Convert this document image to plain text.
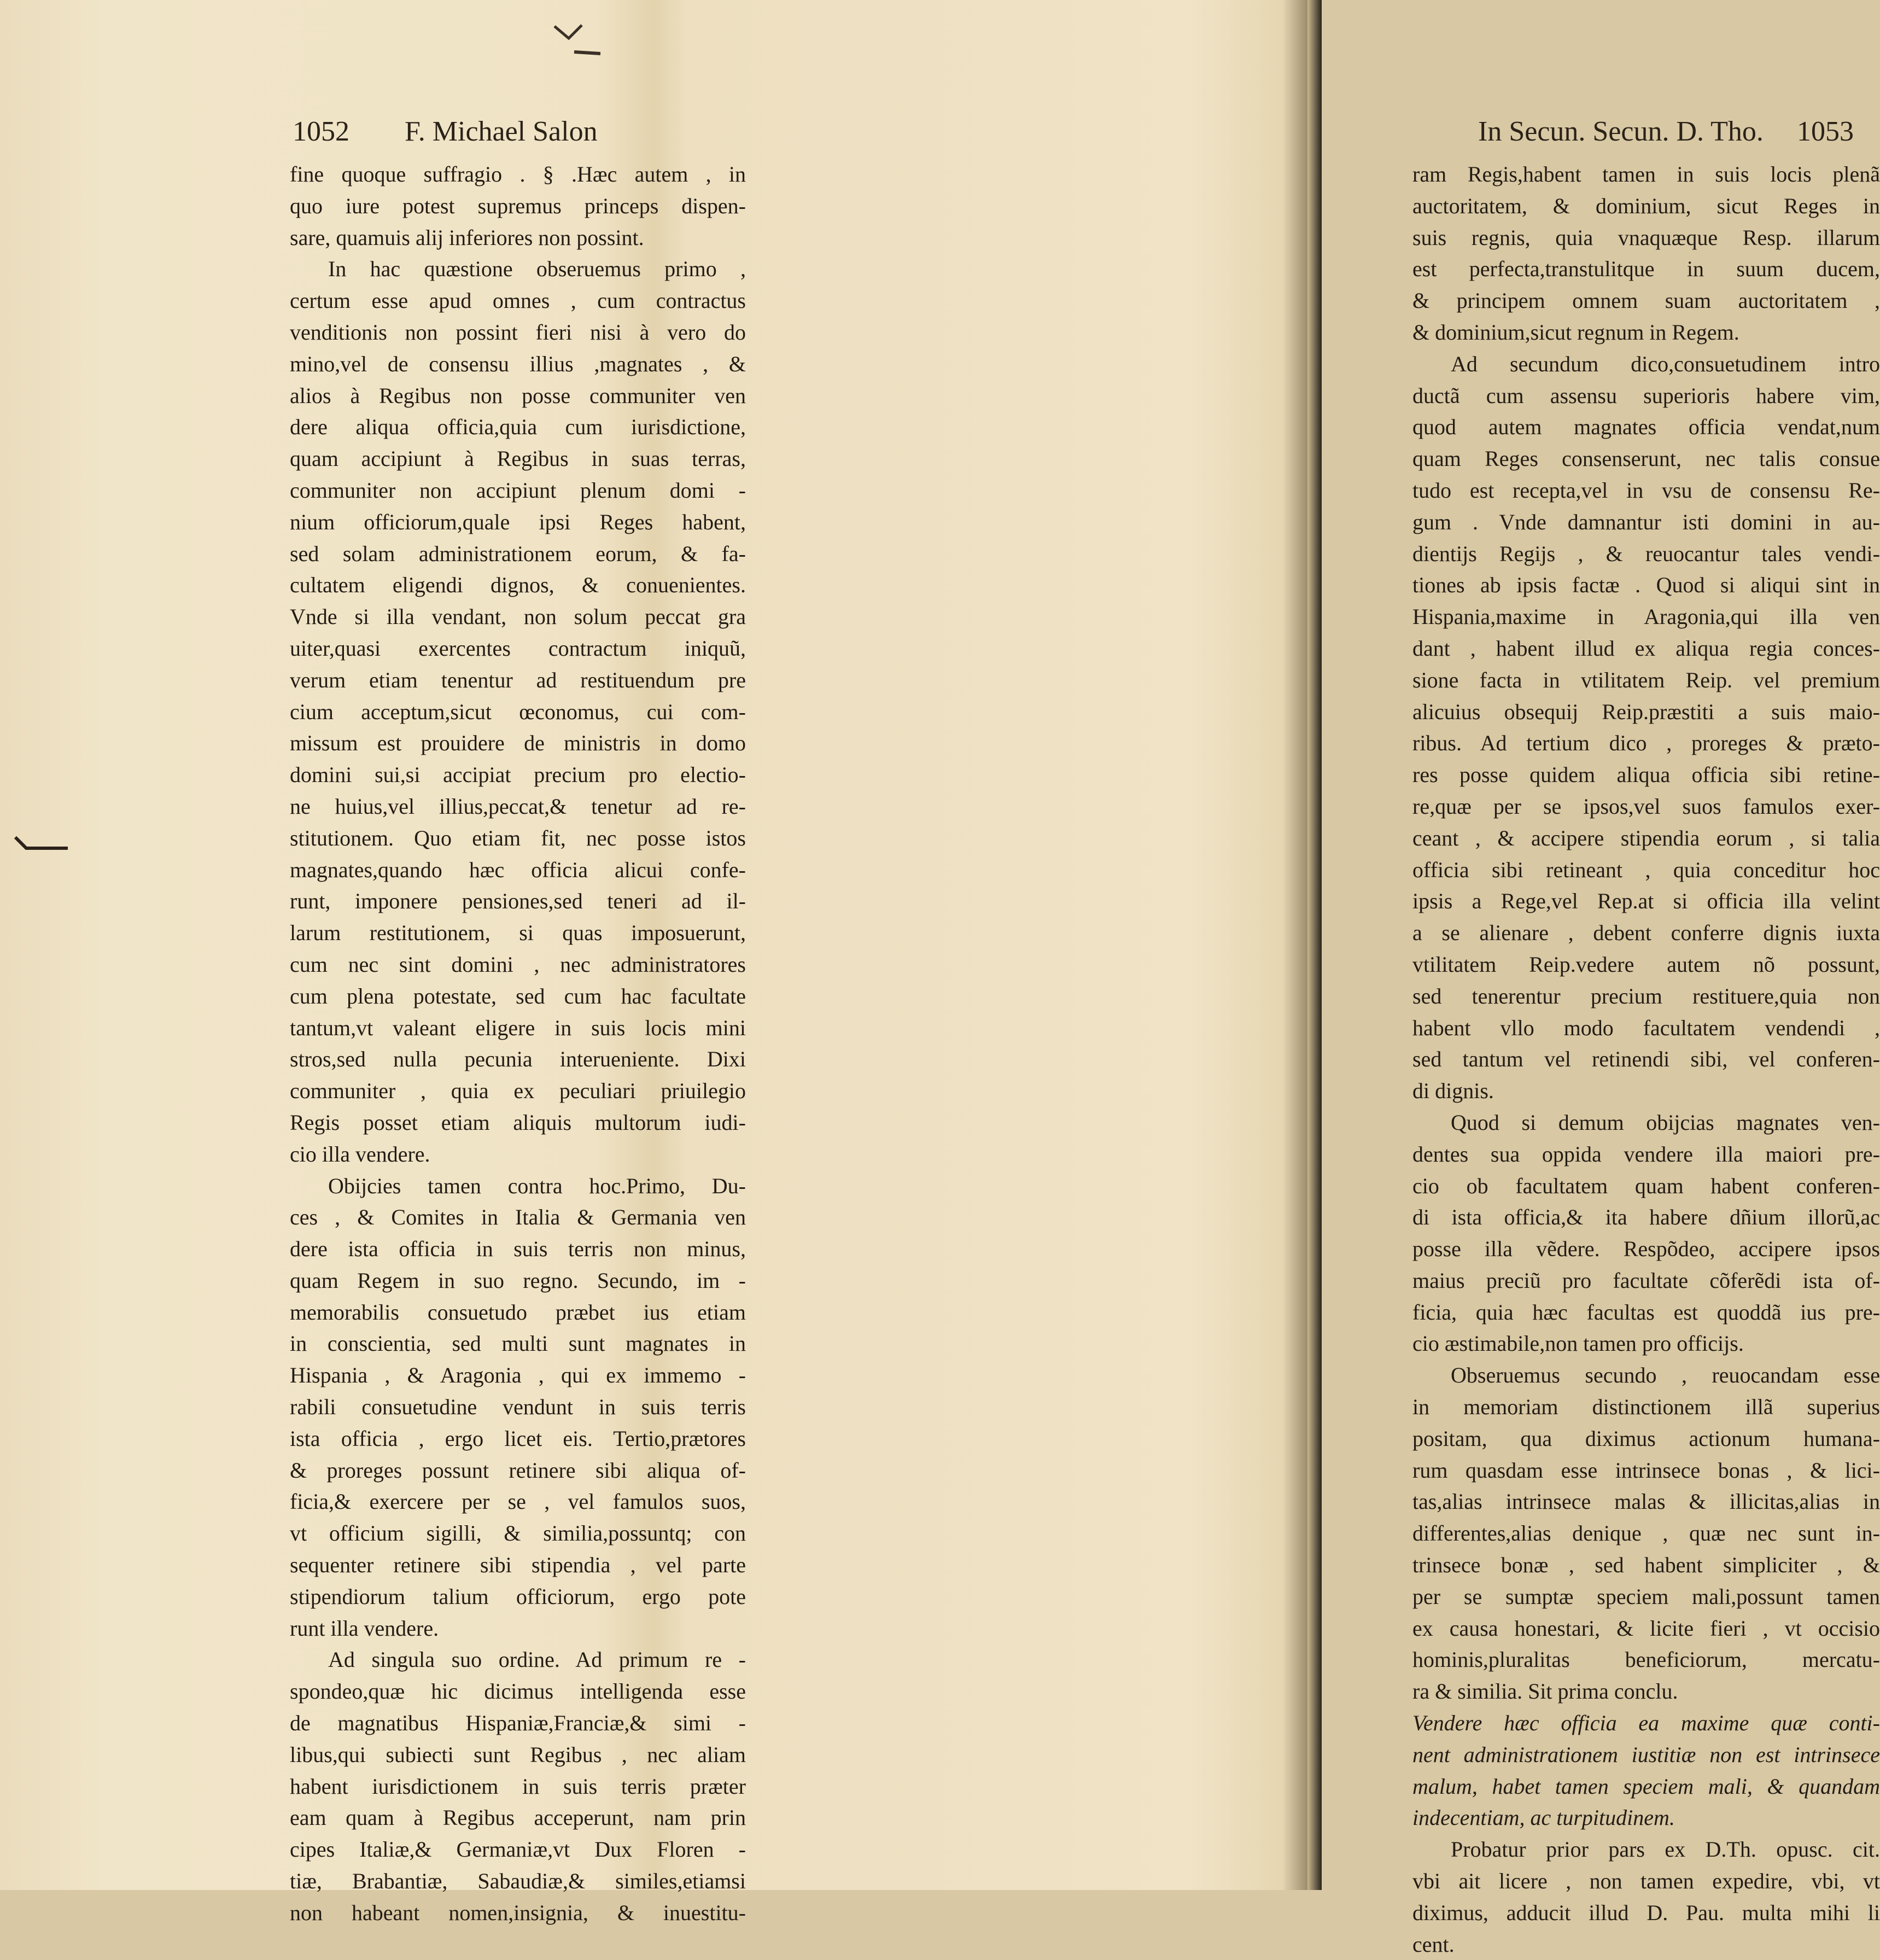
1052 F. Michael Salon
fine quoque suffragio . § .Hæc autem , in
quo iure potest supremus princeps dispen-
sare, quamuis alij inferiores non possint.
In hac quæstione obseruemus primo ,
certum esse apud omnes , cum contractus
venditionis non possint fieri nisi à vero do
mino,vel de consensu illius ,magnates , &
alios à Regibus non posse communiter ven
dere aliqua officia,quia cum iurisdictione,
quam accipiunt à Regibus in suas terras,
communiter non accipiunt plenum domi -
nium officiorum,quale ipsi Reges habent,
sed solam administrationem eorum, & fa-
cultatem eligendi dignos, & conuenientes.
Vnde si illa vendant, non solum peccat gra
uiter,quasi exercentes contractum iniquũ,
verum etiam tenentur ad restituendum pre
cium acceptum,sicut œconomus, cui com-
missum est prouidere de ministris in domo
domini sui,si accipiat precium pro electio-
ne huius,vel illius,peccat,& tenetur ad re-
stitutionem. Quo etiam fit, nec posse istos
magnates,quando hæc officia alicui confe-
runt, imponere pensiones,sed teneri ad il-
larum restitutionem, si quas imposuerunt,
cum nec sint domini , nec administratores
cum plena potestate, sed cum hac facultate
tantum,vt valeant eligere in suis locis mini
stros,sed nulla pecunia interueniente. Dixi
communiter , quia ex peculiari priuilegio
Regis posset etiam aliquis multorum iudi-
cio illa vendere.
Obijcies tamen contra hoc.Primo, Du-
ces , & Comites in Italia & Germania ven
dere ista officia in suis terris non minus,
quam Regem in suo regno. Secundo, im -
memorabilis consuetudo præbet ius etiam
in conscientia, sed multi sunt magnates in
Hispania , & Aragonia , qui ex immemo -
rabili consuetudine vendunt in suis terris
ista officia , ergo licet eis. Tertio,prætores
& proreges possunt retinere sibi aliqua of-
ficia,& exercere per se , vel famulos suos,
vt officium sigilli, & similia,possuntq; con
sequenter retinere sibi stipendia , vel parte
stipendiorum talium officiorum, ergo pote
runt illa vendere.
Ad singula suo ordine. Ad primum re -
spondeo,quæ hic dicimus intelligenda esse
de magnatibus Hispaniæ,Franciæ,& simi -
libus,qui subiecti sunt Regibus , nec aliam
habent iurisdictionem in suis terris præter
eam quam à Regibus acceperunt, nam prin
cipes Italiæ,& Germaniæ,vt Dux Floren -
tiæ, Brabantiæ, Sabaudiæ,& similes,etiamsi
non habeant nomen,insignia, & inuestitu-
In Secun. Secun. D. Tho. 1053
ram Regis,habent tamen in suis locis plenã
auctoritatem, & dominium, sicut Reges in
suis regnis, quia vnaquæque Resp. illarum
est perfecta,transtulitque in suum ducem,
& principem omnem suam auctoritatem ,
& dominium,sicut regnum in Regem.
Ad secundum dico,consuetudinem intro
ductã cum assensu superioris habere vim,
quod autem magnates officia vendat,num
quam Reges consenserunt, nec talis consue
tudo est recepta,vel in vsu de consensu Re-
gum . Vnde damnantur isti domini in au-
dientijs Regijs , & reuocantur tales vendi-
tiones ab ipsis factæ . Quod si aliqui sint in
Hispania,maxime in Aragonia,qui illa ven
dant , habent illud ex aliqua regia conces-
sione facta in vtilitatem Reip. vel premium
alicuius obsequij Reip.præstiti a suis maio-
ribus. Ad tertium dico , proreges & præto-
res posse quidem aliqua officia sibi retine-
re,quæ per se ipsos,vel suos famulos exer-
ceant , & accipere stipendia eorum , si talia
officia sibi retineant , quia conceditur hoc
ipsis a Rege,vel Rep.at si officia illa velint
a se alienare , debent conferre dignis iuxta
vtilitatem Reip.vedere autem nõ possunt,
sed tenerentur precium restituere,quia non
habent vllo modo facultatem vendendi ,
sed tantum vel retinendi sibi, vel conferen-
di dignis.
Quod si demum obijcias magnates ven-
dentes sua oppida vendere illa maiori pre-
cio ob facultatem quam habent conferen-
di ista officia,& ita habere dñium illorũ,ac
posse illa vẽdere. Respõdeo, accipere ipsos
maius preciũ pro facultate cõferẽdi ista of-
ficia, quia hæc facultas est quoddã ius pre-
cio æstimabile,non tamen pro officijs.
Obseruemus secundo , reuocandam esse
in memoriam distinctionem illã superius
positam, qua diximus actionum humana-
rum quasdam esse intrinsece bonas , & lici-
tas,alias intrinsece malas & illicitas,alias in
differentes,alias denique , quæ nec sunt in-
trinsece bonæ , sed habent simpliciter , &
per se sumptæ speciem mali,possunt tamen
ex causa honestari, & licite fieri , vt occisio
hominis,pluralitas beneficiorum, mercatu-
ra & similia. Sit prima conclu.
Vendere hæc officia ea maxime quæ conti-
nent administrationem iustitiæ non est intrinsece
malum, habet tamen speciem mali, & quandam
indecentiam, ac turpitudinem.
Probatur prior pars ex D.Th. opusc. cit.
vbi ait licere , non tamen expedire, vbi, vt
diximus, adducit illud D. Pau. multa mihi li
cent.
